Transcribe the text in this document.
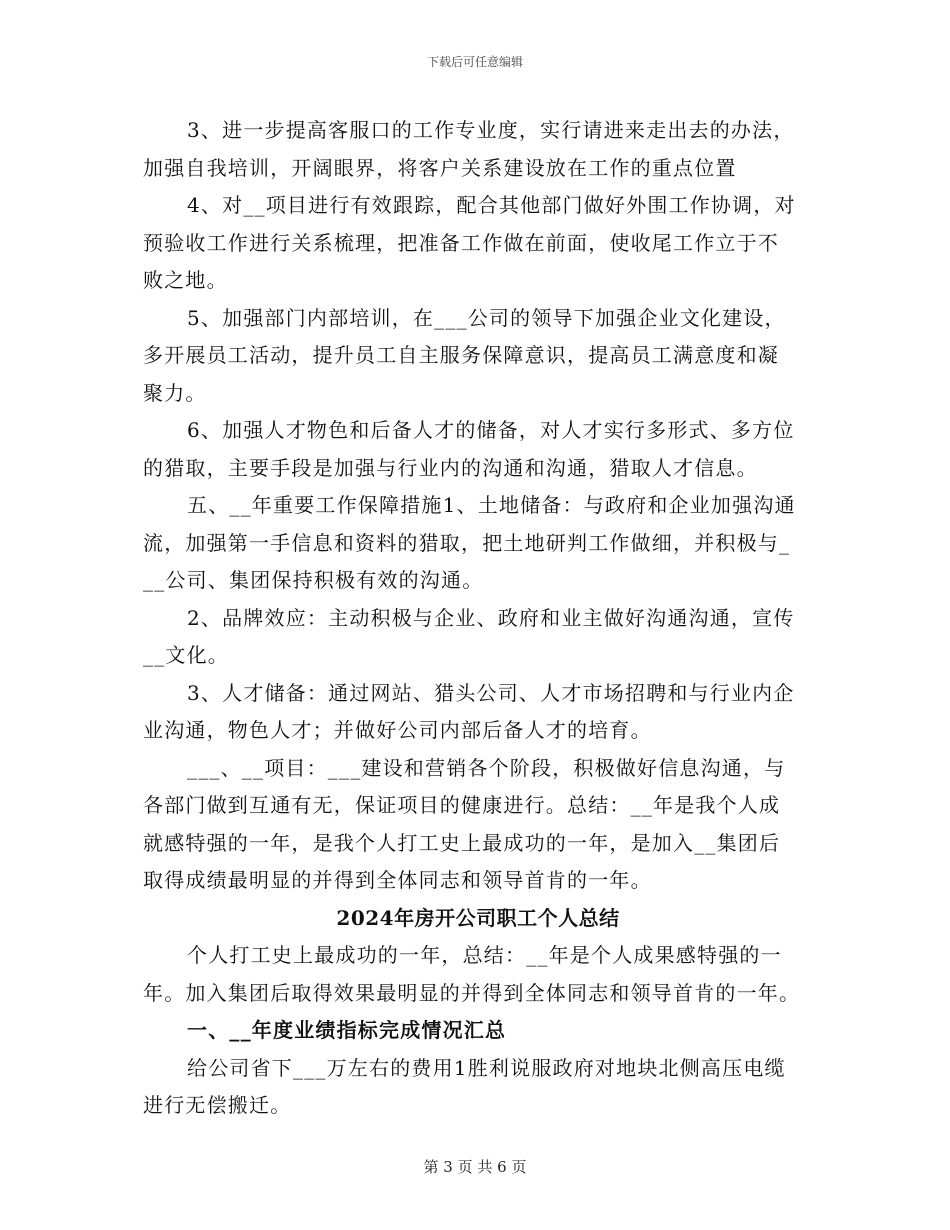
下载后可任意编辑

3、进一步提高客服口的工作专业度，实行请进来走出去的办法，
加强自我培训，开阔眼界，将客户关系建设放在工作的重点位置

4、对__项目进行有效跟踪，配合其他部门做好外围工作协调，对
预验收工作进行关系梳理，把准备工作做在前面，使收尾工作立于不
败之地。

5、加强部门内部培训，在___公司的领导下加强企业文化建设，
多开展员工活动，提升员工自主服务保障意识，提高员工满意度和凝
聚力。

6、加强人才物色和后备人才的储备，对人才实行多形式、多方位
的猎取，主要手段是加强与行业内的沟通和沟通，猎取人才信息。

五、__年重要工作保障措施1、土地储备：与政府和企业加强沟通
流，加强第一手信息和资料的猎取，把土地研判工作做细，并积极与_
__公司、集团保持积极有效的沟通。

2、品牌效应：主动积极与企业、政府和业主做好沟通沟通，宣传
__文化。

3、人才储备：通过网站、猎头公司、人才市场招聘和与行业内企
业沟通，物色人才；并做好公司内部后备人才的培育。

___、__项目：___建设和营销各个阶段，积极做好信息沟通，与
各部门做到互通有无，保证项目的健康进行。总结：__年是我个人成
就感特强的一年，是我个人打工史上最成功的一年，是加入__集团后
取得成绩最明显的并得到全体同志和领导首肯的一年。

2024年房开公司职工个人总结

个人打工史上最成功的一年，总结：__年是个人成果感特强的一
年。加入集团后取得效果最明显的并得到全体同志和领导首肯的一年。

一、__年度业绩指标完成情况汇总

给公司省下___万左右的费用1胜利说服政府对地块北侧高压电缆
进行无偿搬迁。

第 3 页 共 6 页
